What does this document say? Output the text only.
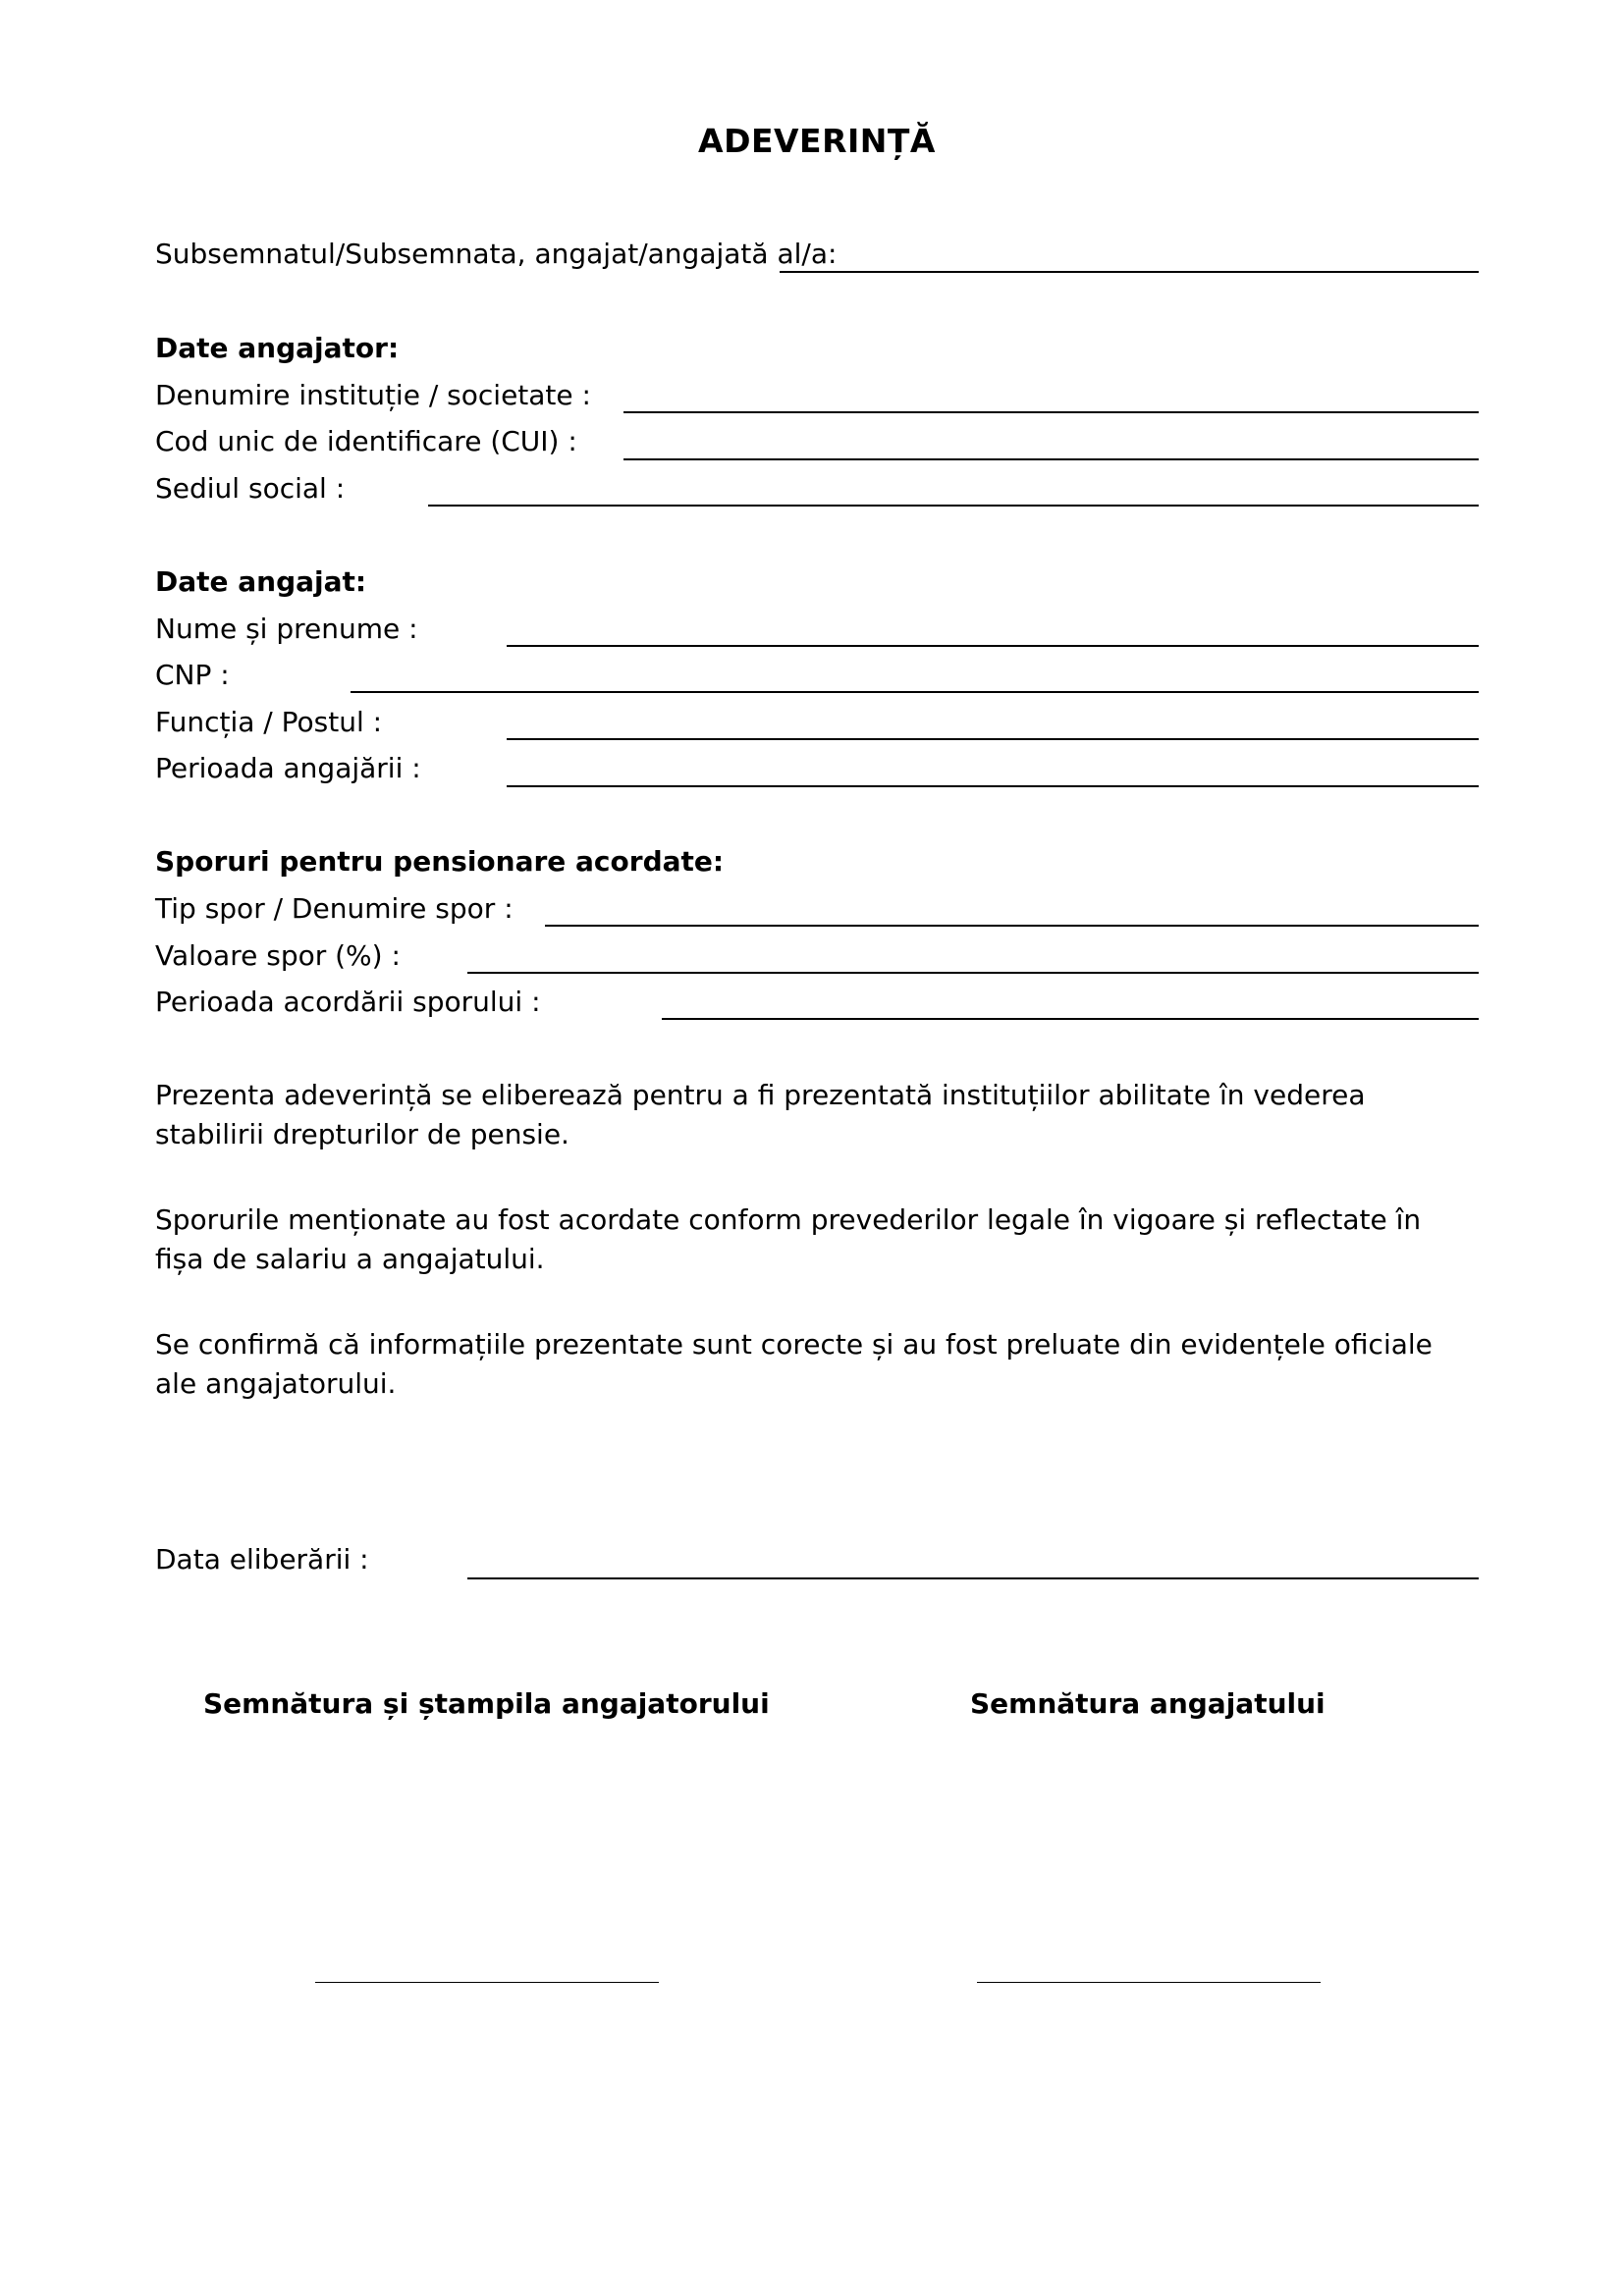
ADEVERINȚĂ
Subsemnatul/Subsemnata, angajat/angajată al/a:
Date angajator:
Denumire instituție / societate :
Cod unic de identificare (CUI) :
Sediul social :
Date angajat:
Nume și prenume :
CNP :
Funcția / Postul :
Perioada angajării :
Sporuri pentru pensionare acordate:
Tip spor / Denumire spor :
Valoare spor (%) :
Perioada acordării sporului :
Prezenta adeverință se eliberează pentru a fi prezentată instituțiilor abilitate în vederea
stabilirii drepturilor de pensie.
Sporurile menționate au fost acordate conform prevederilor legale în vigoare și reflectate în
fișa de salariu a angajatului.
Se confirmă că informațiile prezentate sunt corecte și au fost preluate din evidențele oficiale
ale angajatorului.
Data eliberării :
Semnătura și ștampila angajatorului	Semnătura angajatului
